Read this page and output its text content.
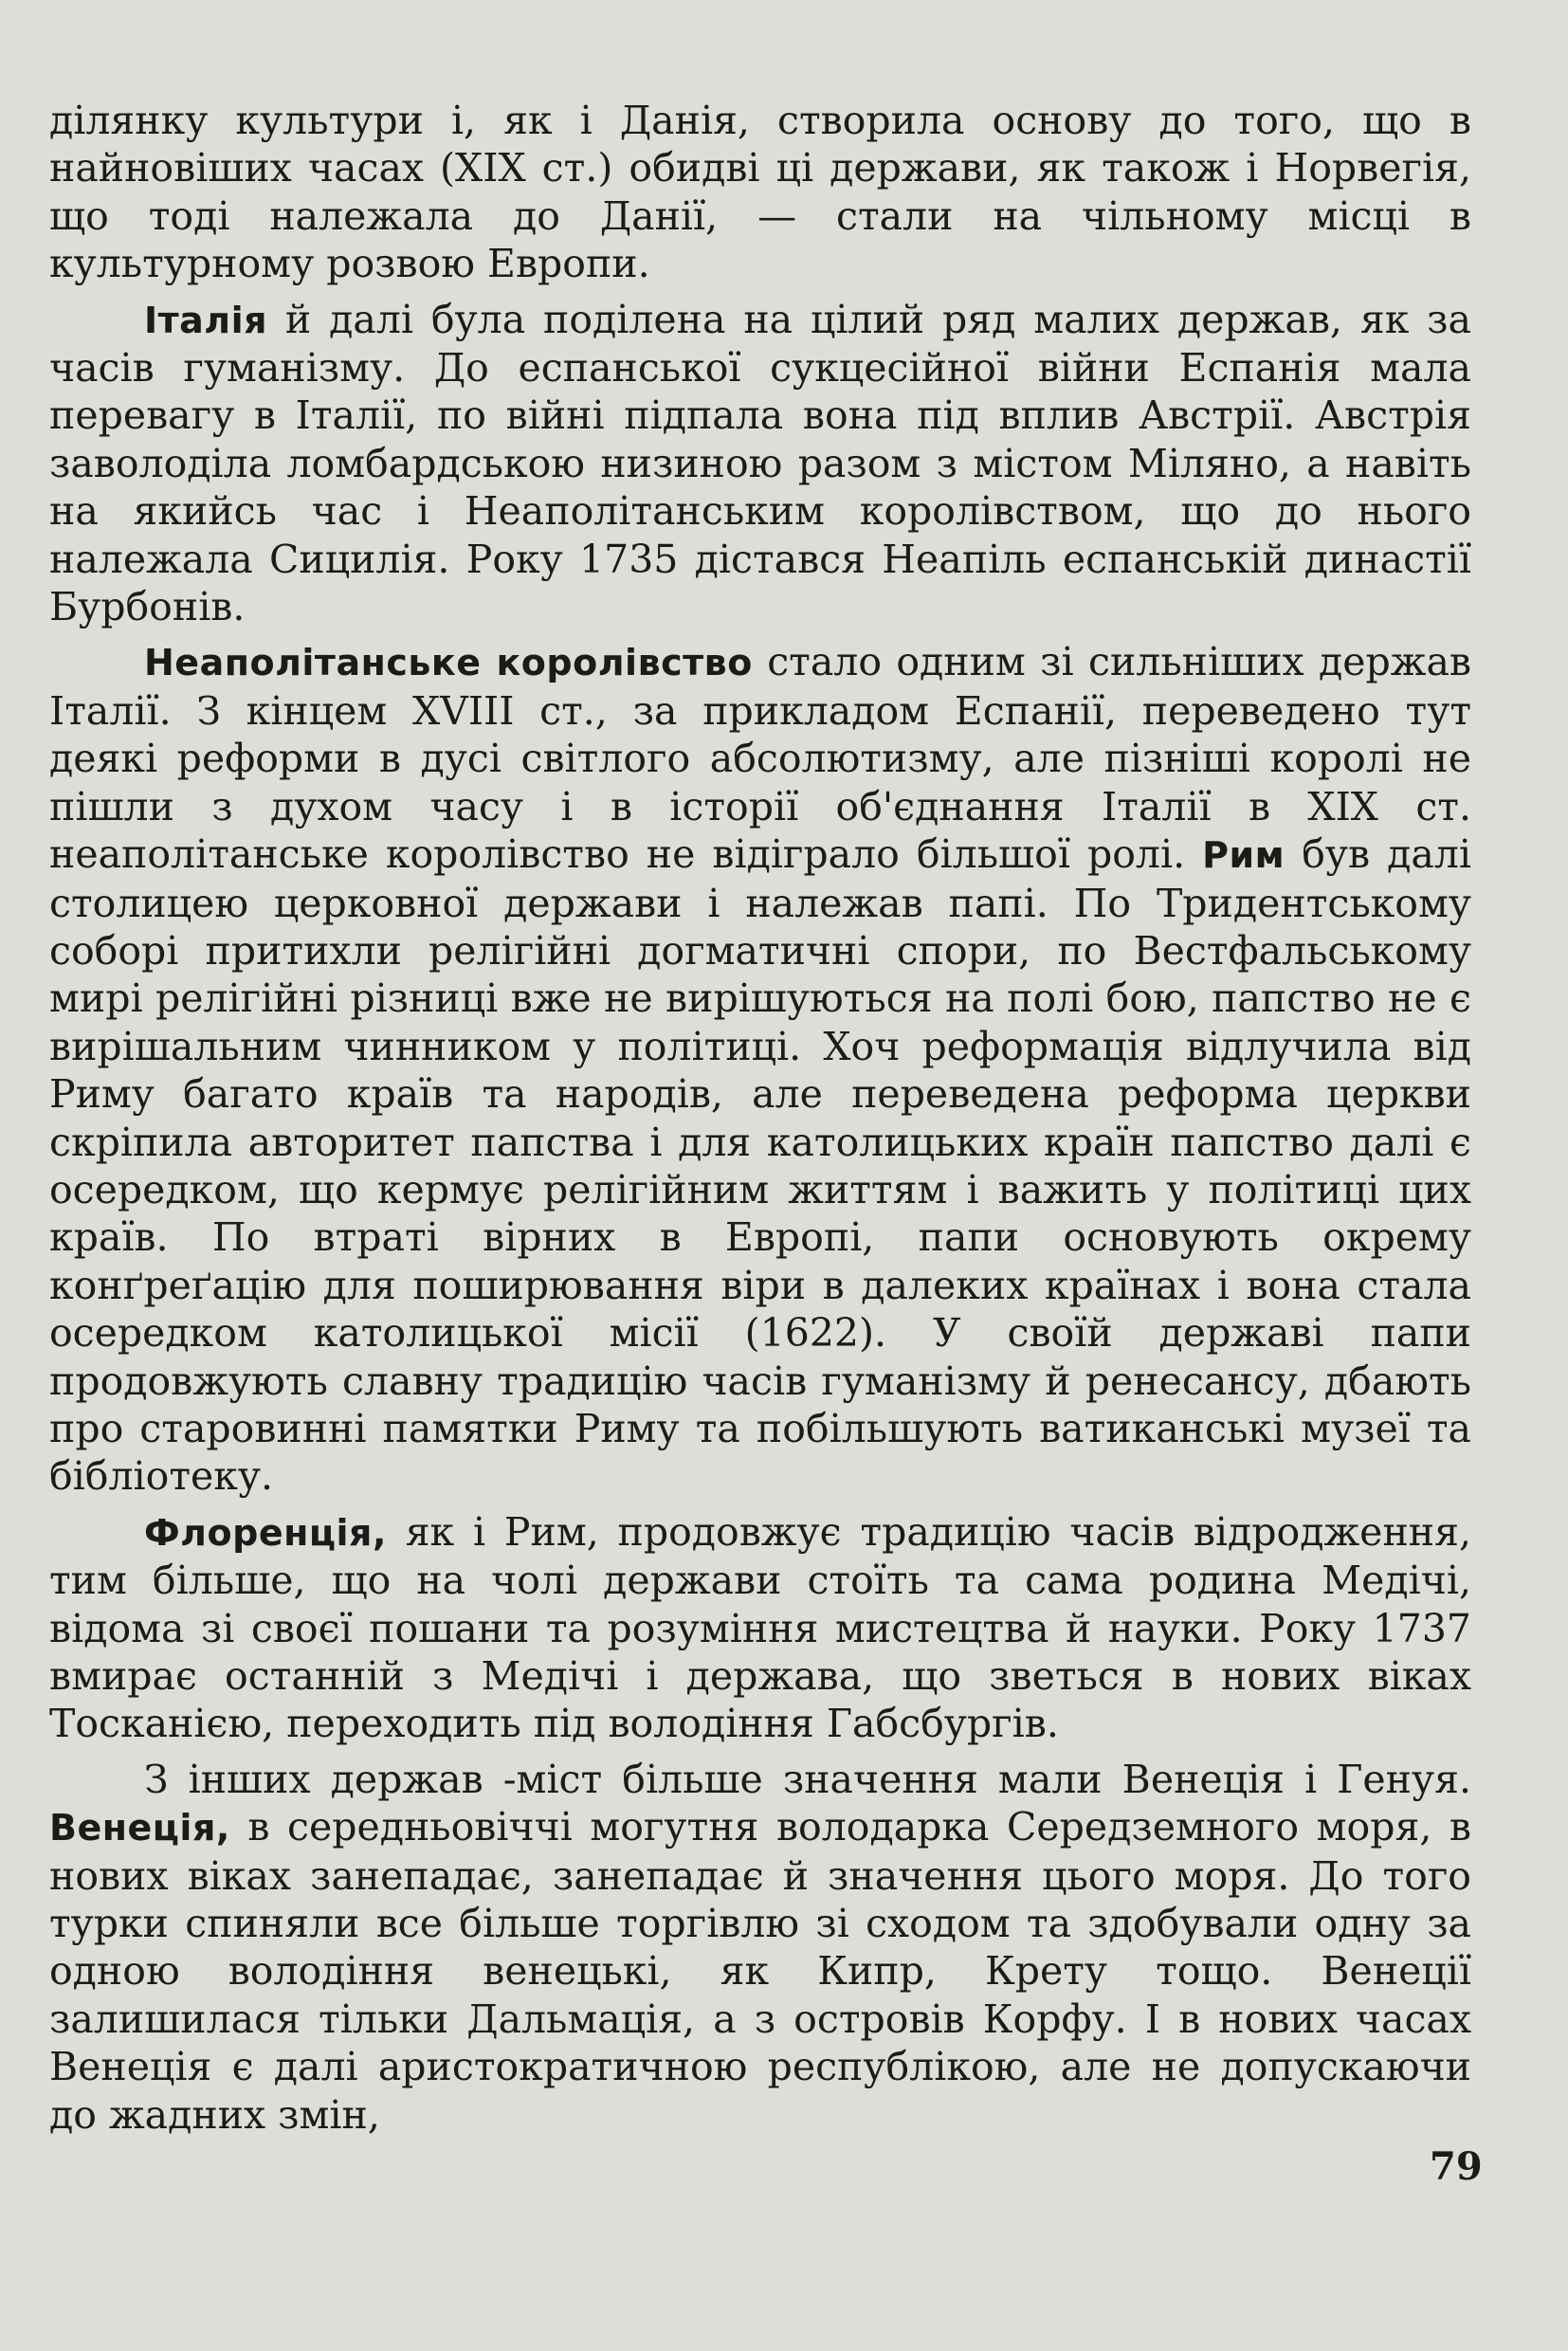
ділянку культури і, як і Данія, створила основу до того, що в найновіших часах (XIX ст.) обидві ці держави, як також і Норвегія, що тоді належала до Данії, — стали на чільному місці в культурному розвою Европи.

Італія й далі була поділена на цілий ряд малих держав, як за часів гуманізму. До еспанської сукцесійної війни Еспанія мала перевагу в Італії, по війні підпала вона під вплив Австрії. Австрія заволоділа ломбардською низиною разом з містом Міляно, а навіть на якийсь час і Неаполітанським королівством, що до нього належала Сицилія. Року 1735 дістався Неапіль еспанській династії Бурбонів.

Неаполітанське королівство стало одним зі сильніших держав Італії. З кінцем XVIII ст., за прикладом Еспанії, переведено тут деякі реформи в дусі світлого абсолютизму, але пізніші королі не пішли з духом часу і в історії об'єднання Італії в XIX ст. неаполітанське королівство не відіграло більшої ролі. Рим був далі столицею церковної держави і належав папі. По Тридентському соборі притихли релігійні догматичні спори, по Вестфальському мирі релігійні різниці вже не вирішуються на полі бою, папство не є вирішальним чинником у політиці. Хоч реформація відлучила від Риму багато країв та народів, але переведена реформа церкви скріпила авторитет папства і для католицьких країн папство далі є осередком, що кермує релігійним життям і важить у політиці цих країв. По втраті вірних в Европі, папи основують окрему конґреґацію для поширювання віри в далеких країнах і вона стала осередком католицької місії (1622). У своїй державі папи продовжують славну традицію часів гуманізму й ренесансу, дбають про старовинні памятки Риму та побільшують ватиканські музеї та бібліотеку.

Флоренція, як і Рим, продовжує традицію часів відродження, тим більше, що на чолі держави стоїть та сама родина Медічі, відома зі своєї пошани та розуміння мистецтва й науки. Року 1737 вмирає останній з Медічі і держава, що зветься в нових віках Тосканією, переходить під володіння Габсбургів.

З інших держав -міст більше значення мали Венеція і Генуя. Венеція, в середньовіччі могутня володарка Середземного моря, в нових віках занепадає, занепадає й значення цього моря. До того турки спиняли все більше торгівлю зі сходом та здобували одну за одною володіння венецькі, як Кипр, Крету тощо. Венеції залишилася тільки Дальмація, а з островів Корфу. І в нових часах Венеція є далі аристократичною республікою, але не допускаючи до жадних змін,

79
